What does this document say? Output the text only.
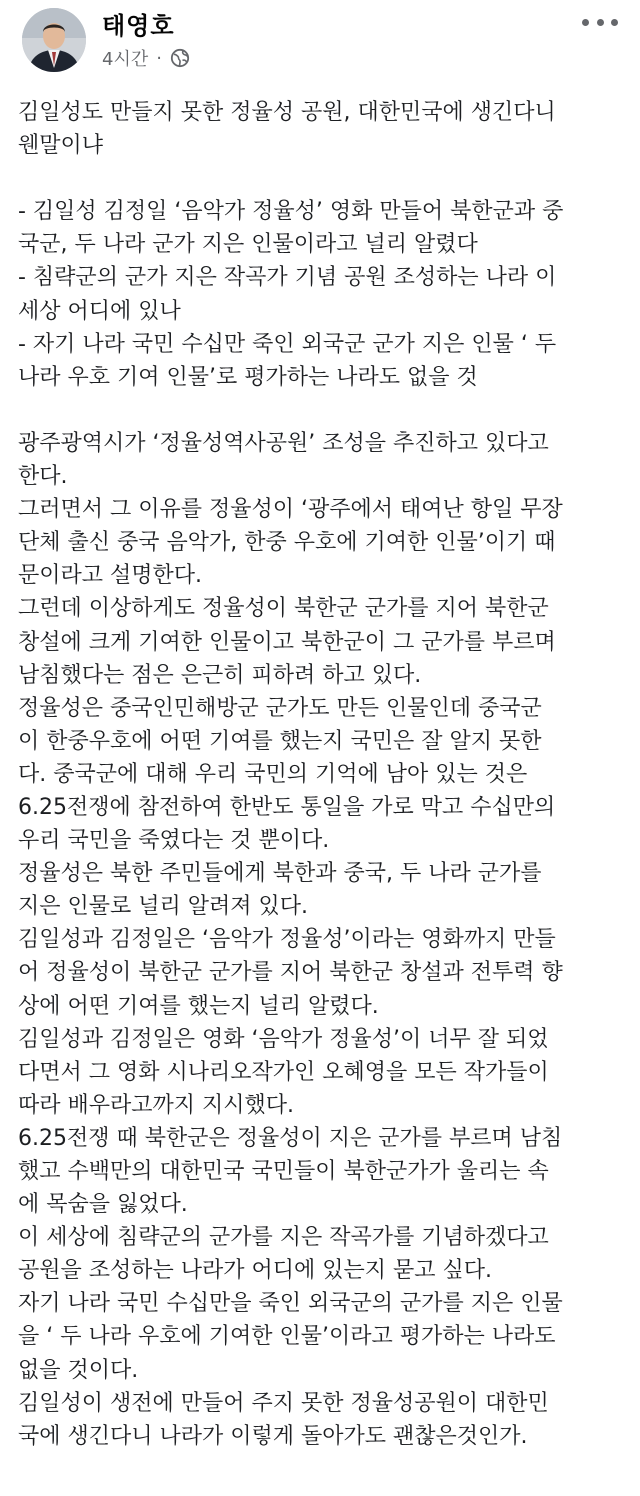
태영호
4시간 ·
김일성도 만들지 못한 정율성 공원, 대한민국에 생긴다니
웬말이냐
- 김일성 김정일 ‘음악가 정율성’ 영화 만들어 북한군과 중
국군, 두 나라 군가 지은 인물이라고 널리 알렸다
- 침략군의 군가 지은 작곡가 기념 공원 조성하는 나라 이
세상 어디에 있나
- 자기 나라 국민 수십만 죽인 외국군 군가 지은 인물 ‘ 두
나라 우호 기여 인물’로 평가하는 나라도 없을 것
광주광역시가 ‘정율성역사공원’ 조성을 추진하고 있다고
한다.
그러면서 그 이유를 정율성이 ‘광주에서 태여난 항일 무장
단체 출신 중국 음악가, 한중 우호에 기여한 인물’이기 때
문이라고 설명한다.
그런데 이상하게도 정율성이 북한군 군가를 지어 북한군
창설에 크게 기여한 인물이고 북한군이 그 군가를 부르며
남침했다는 점은 은근히 피하려 하고 있다.
정율성은 중국인민해방군 군가도 만든 인물인데 중국군
이 한중우호에 어떤 기여를 했는지 국민은 잘 알지 못한
다. 중국군에 대해 우리 국민의 기억에 남아 있는 것은
6.25전쟁에 참전하여 한반도 통일을 가로 막고 수십만의
우리 국민을 죽였다는 것 뿐이다.
정율성은 북한 주민들에게 북한과 중국, 두 나라 군가를
지은 인물로 널리 알려져 있다.
김일성과 김정일은 ‘음악가 정율성’이라는 영화까지 만들
어 정율성이 북한군 군가를 지어 북한군 창설과 전투력 향
상에 어떤 기여를 했는지 널리 알렸다.
김일성과 김정일은 영화 ‘음악가 정율성’이 너무 잘 되었
다면서 그 영화 시나리오작가인 오혜영을 모든 작가들이
따라 배우라고까지 지시했다.
6.25전쟁 때 북한군은 정율성이 지은 군가를 부르며 남침
했고 수백만의 대한민국 국민들이 북한군가가 울리는 속
에 목숨을 잃었다.
이 세상에 침략군의 군가를 지은 작곡가를 기념하겠다고
공원을 조성하는 나라가 어디에 있는지 묻고 싶다.
자기 나라 국민 수십만을 죽인 외국군의 군가를 지은 인물
을 ‘ 두 나라 우호에 기여한 인물’이라고 평가하는 나라도
없을 것이다.
김일성이 생전에 만들어 주지 못한 정율성공원이 대한민
국에 생긴다니 나라가 이렇게 돌아가도 괜찮은것인가.
